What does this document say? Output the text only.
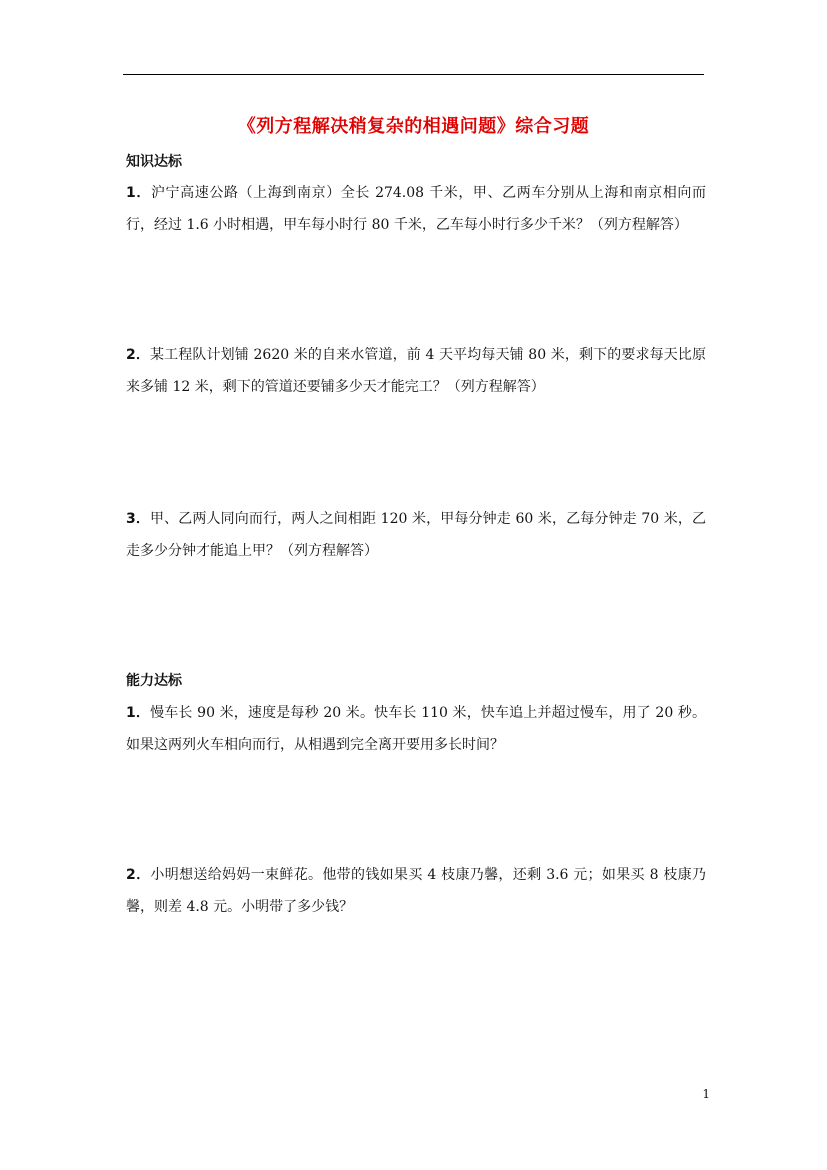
《列方程解决稍复杂的相遇问题》综合习题
知识达标
1．沪宁高速公路（上海到南京）全长 274.08 千米，甲、乙两车分别从上海和南京相向而行，经过 1.6 小时相遇，甲车每小时行 80 千米，乙车每小时行多少千米？（列方程解答）
2．某工程队计划铺 2620 米的自来水管道，前 4 天平均每天铺 80 米，剩下的要求每天比原来多铺 12 米，剩下的管道还要铺多少天才能完工？（列方程解答）
3．甲、乙两人同向而行，两人之间相距 120 米，甲每分钟走 60 米，乙每分钟走 70 米，乙走多少分钟才能追上甲？（列方程解答）
能力达标
1．慢车长 90 米，速度是每秒 20 米。快车长 110 米，快车追上并超过慢车，用了 20 秒。如果这两列火车相向而行，从相遇到完全离开要用多长时间？
2．小明想送给妈妈一束鲜花。他带的钱如果买 4 枝康乃馨，还剩 3.6 元；如果买 8 枝康乃馨，则差 4.8 元。小明带了多少钱？
1
